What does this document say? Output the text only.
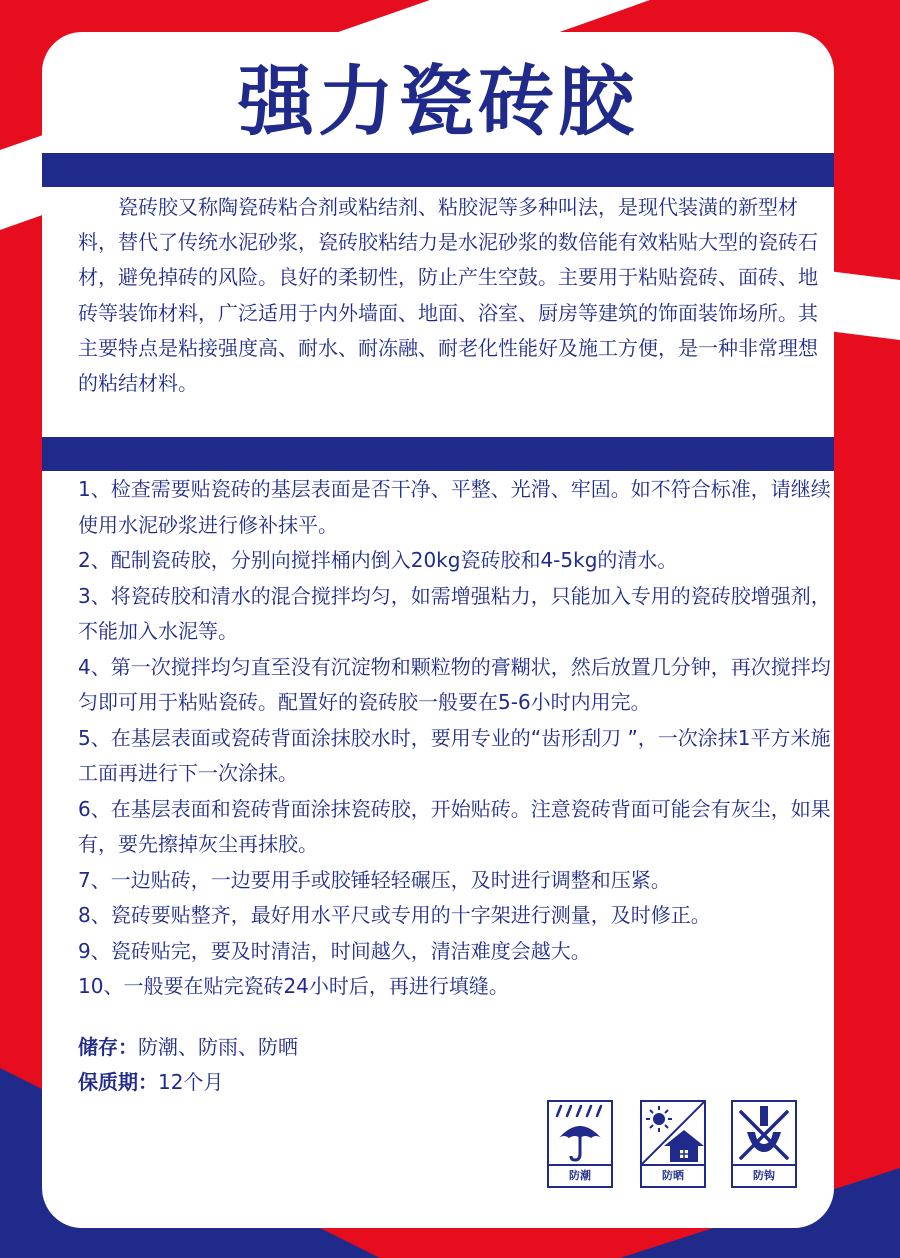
强力瓷砖胶

瓷砖胶又称陶瓷砖粘合剂或粘结剂、粘胶泥等多种叫法，是现代装潢的新型材料，替代了传统水泥砂浆，瓷砖胶粘结力是水泥砂浆的数倍能有效粘贴大型的瓷砖石材，避免掉砖的风险。良好的柔韧性，防止产生空鼓。主要用于粘贴瓷砖、面砖、地砖等装饰材料，广泛适用于内外墙面、地面、浴室、厨房等建筑的饰面装饰场所。其主要特点是粘接强度高、耐水、耐冻融、耐老化性能好及施工方便，是一种非常理想的粘结材料。

1、检查需要贴瓷砖的基层表面是否干净、平整、光滑、牢固。如不符合标准，请继续使用水泥砂浆进行修补抹平。
2、配制瓷砖胶，分别向搅拌桶内倒入20kg瓷砖胶和4-5kg的清水。
3、将瓷砖胶和清水的混合搅拌均匀，如需增强粘力，只能加入专用的瓷砖胶增强剂，不能加入水泥等。
4、第一次搅拌均匀直至没有沉淀物和颗粒物的膏糊状，然后放置几分钟，再次搅拌均匀即可用于粘贴瓷砖。配置好的瓷砖胶一般要在5-6小时内用完。
5、在基层表面或瓷砖背面涂抹胶水时，要用专业的“齿形刮刀 ”，一次涂抹1平方米施工面再进行下一次涂抹。
6、在基层表面和瓷砖背面涂抹瓷砖胶，开始贴砖。注意瓷砖背面可能会有灰尘，如果有，要先擦掉灰尘再抹胶。
7、一边贴砖，一边要用手或胶锤轻轻碾压，及时进行调整和压紧。
8、瓷砖要贴整齐，最好用水平尺或专用的十字架进行测量，及时修正。
9、瓷砖贴完，要及时清洁，时间越久，清洁难度会越大。
10、一般要在贴完瓷砖24小时后，再进行填缝。
储存：防潮、防雨、防晒
保质期：12个月
防潮	防晒	防钩
